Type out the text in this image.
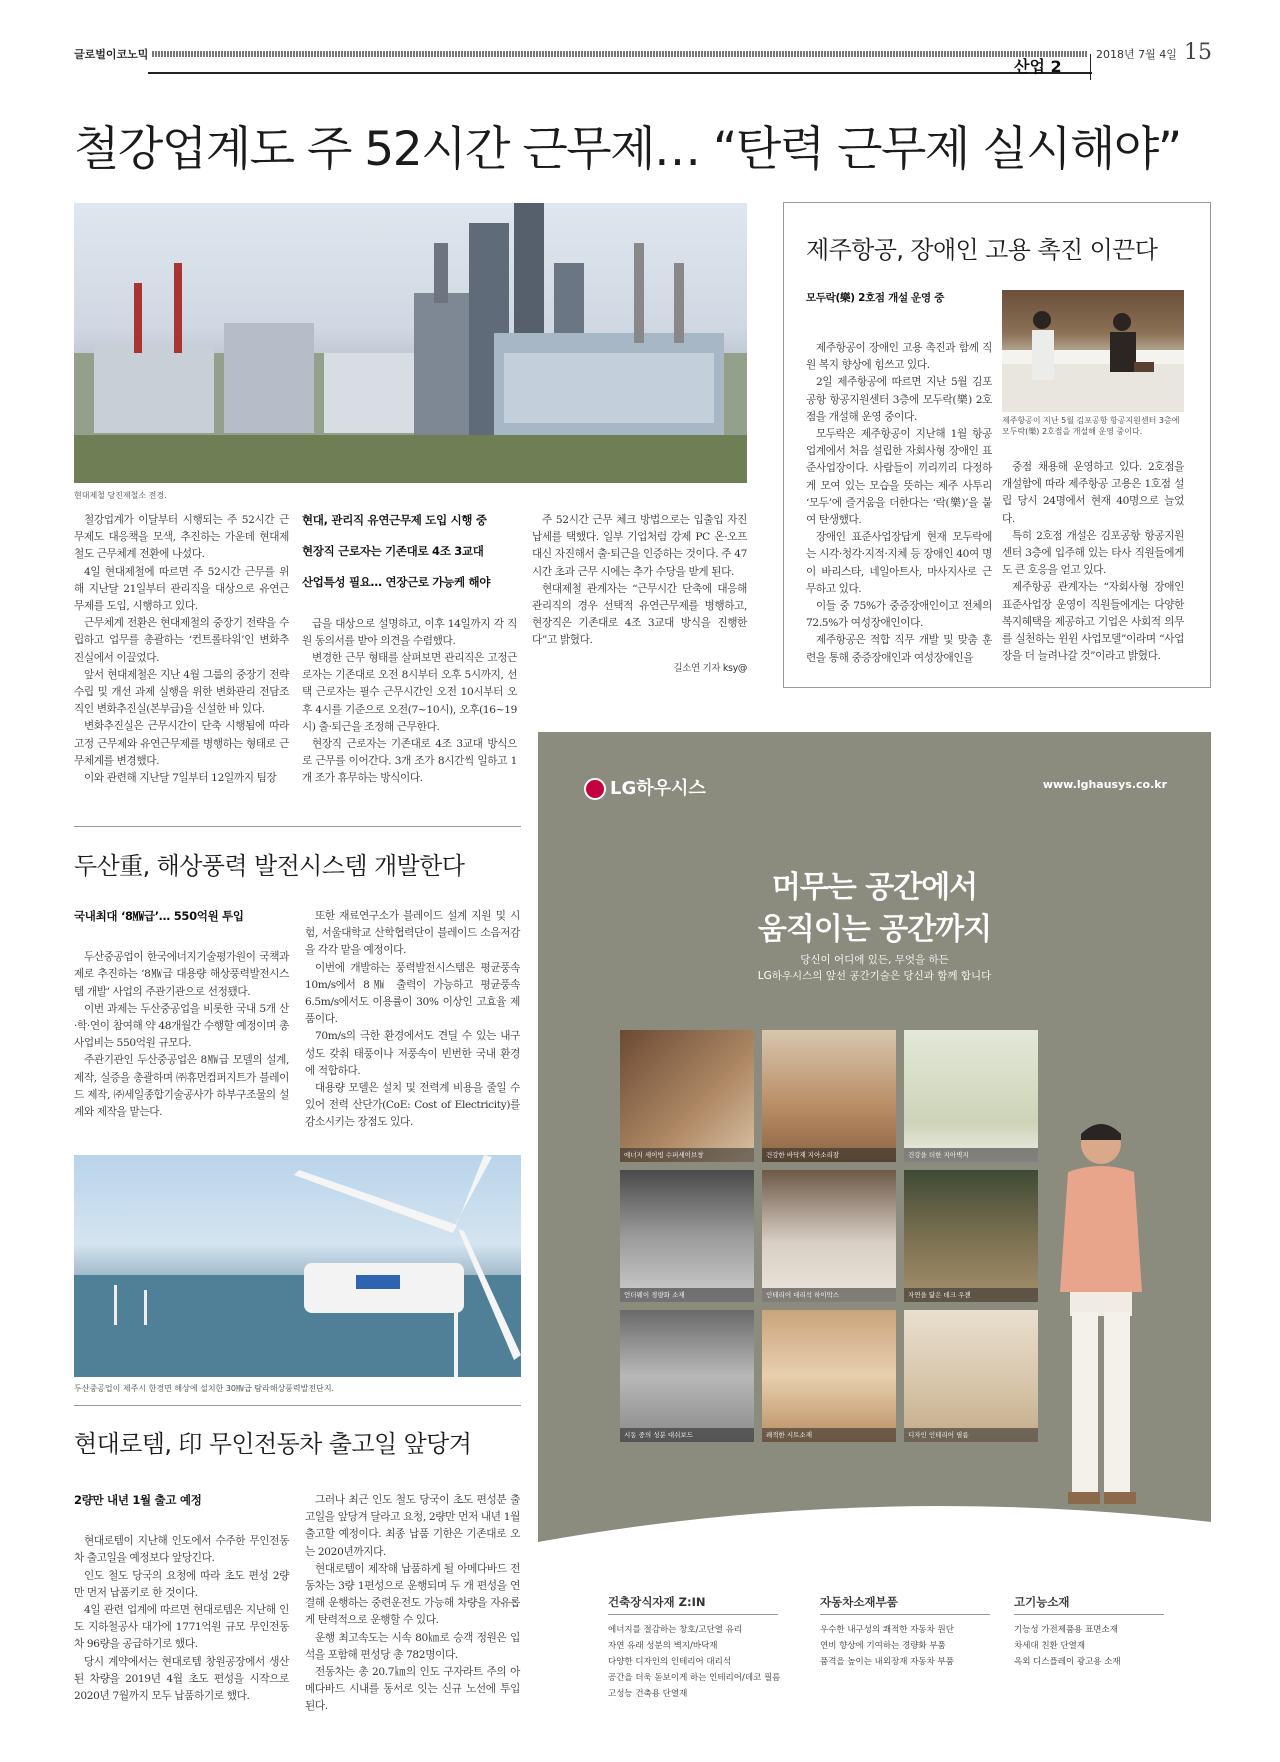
글로벌이코노믹	2018년 7월 4일 15
산업 2
철강업계도 주 52시간 근무제… “탄력 근무제 실시해야”
현대제철 당진제철소 전경.

철강업계가 이달부터 시행되는 주 52시간 근무제도 대응책을 모색, 추진하는 가운데 현대제철도 근무체계 전환에 나섰다.

4일 현대제철에 따르면 주 52시간 근무를 위해 지난달 21일부터 관리직을 대상으로 유연근무제를 도입, 시행하고 있다.

근무체계 전환은 현대제철의 중장기 전략을 수립하고 업무를 총괄하는 ‘컨트롤타워’인 변화추진실에서 이끌었다.

앞서 현대제철은 지난 4월 그룹의 중장기 전략 수립 및 개선 과제 실행을 위한 변화관리 전담조직인 변화추진실(본부급)을 신설한 바 있다.

변화추진실은 근무시간이 단축 시행됨에 따라 고정 근무제와 유연근무제를 병행하는 형태로 근무체계를 변경했다.

이와 관련해 지난달 7일부터 12일까지 팀장

현대, 관리직 유연근무제 도입 시행 중
현장직 근로자는 기존대로 4조 3교대
산업특성 필요… 연장근로 가능케 해야

급을 대상으로 설명하고, 이후 14일까지 각 직원 동의서를 받아 의견을 수렴했다.

변경한 근무 형태를 살펴보면 관리직은 고정근로자는 기존대로 오전 8시부터 오후 5시까지, 선택 근로자는 필수 근무시간인 오전 10시부터 오후 4시를 기준으로 오전(7~10시), 오후(16~19시) 출·퇴근을 조정해 근무한다.

현장직 근로자는 기존대로 4조 3교대 방식으로 근무를 이어간다. 3개 조가 8시간씩 일하고 1개 조가 휴무하는 방식이다.

주 52시간 근무 체크 방법으로는 입출입 자진 납세를 택했다. 일부 기업처럼 강제 PC 온·오프 대신 자진해서 출·퇴근을 인증하는 것이다. 주 47시간 초과 근무 시에는 추가 수당을 받게 된다.

현대제철 관계자는 “근무시간 단축에 대응해 관리직의 경우 선택적 유연근무제를 병행하고, 현장직은 기존대로 4조 3교대 방식을 진행한다”고 밝혔다.

길소연 기자 ksy@
제주항공, 장애인 고용 촉진 이끈다
모두락(樂) 2호점 개설 운영 중
제주항공이 지난 5월 김포공항 항공지원센터 3층에 모두락(樂) 2호점을 개설해 운영 중이다.

제주항공이 장애인 고용 촉진과 함께 직원 복지 향상에 힘쓰고 있다.

2일 제주항공에 따르면 지난 5월 김포공항 항공지원센터 3층에 모두락(樂) 2호점을 개설해 운영 중이다.

모두락은 제주항공이 지난해 1월 항공업계에서 처음 설립한 자회사형 장애인 표준사업장이다. 사람들이 끼리끼리 다정하게 모여 있는 모습을 뜻하는 제주 사투리 ‘모두’에 즐거움을 더한다는 ‘락(樂)’을 붙여 탄생했다.

장애인 표준사업장답게 현재 모두락에는 시각·청각·지적·지체 등 장애인 40여 명이 바리스타, 네일아트사, 마사지사로 근무하고 있다.

이들 중 75%가 중증장애인이고 전체의 72.5%가 여성장애인이다.

제주항공은 적합 직무 개발 및 맞춤 훈련을 통해 중증장애인과 여성장애인을

중점 채용해 운영하고 있다. 2호점을 개설함에 따라 제주항공 고용은 1호점 설립 당시 24명에서 현재 40명으로 늘었다.

특히 2호점 개설은 김포공항 항공지원센터 3층에 입주해 있는 타사 직원들에게도 큰 호응을 얻고 있다.

제주항공 관계자는 “자회사형 장애인 표준사업장 운영이 직원들에게는 다양한 복지혜택을 제공하고 기업은 사회적 의무를 실천하는 윈윈 사업모델”이라며 “사업장을 더 늘려나갈 것”이라고 밝혔다.

두산重, 해상풍력 발전시스템 개발한다
국내최대 ‘8㎿급’… 550억원 투입

두산중공업이 한국에너지기술평가원이 국책과제로 추진하는 ‘8㎿급 대용량 해상풍력발전시스템 개발’ 사업의 주관기관으로 선정됐다.

이번 과제는 두산중공업을 비롯한 국내 5개 산·학·연이 참여해 약 48개월간 수행할 예정이며 총 사업비는 550억원 규모다.

주관기관인 두산중공업은 8㎿급 모델의 설계, 제작, 실증을 총괄하며 ㈜휴먼컴퍼지트가 블레이드 제작, ㈜세일종합기술공사가 하부구조물의 설계와 제작을 맡는다.

또한 재료연구소가 블레이드 설계 지원 및 시험, 서울대학교 산학협력단이 블레이드 소음저감을 각각 맡을 예정이다.

이번에 개발하는 풍력발전시스템은 평균풍속 10m/s에서 8㎿ 출력이 가능하고 평균풍속 6.5m/s에서도 이용률이 30% 이상인 고효율 제품이다.

70m/s의 극한 환경에서도 견딜 수 있는 내구성도 갖춰 태풍이나 저풍속이 빈번한 국내 환경에 적합하다.

대용량 모델은 설치 및 전력계 비용을 줄일 수 있어 전력 산단가(CoE: Cost of Electricity)를 감소시키는 장점도 있다.

두산중공업이 제주시 한경면 해상에 설치한 30㎿급 탐라해상풍력발전단지.
현대로템, 印 무인전동차 출고일 앞당겨
2량만 내년 1월 출고 예정

현대로템이 지난해 인도에서 수주한 무인전동차 출고일을 예정보다 앞당긴다.

인도 철도 당국의 요청에 따라 초도 편성 2량만 먼저 납품키로 한 것이다.

4일 관련 업계에 따르면 현대로템은 지난해 인도 지하철공사 대가에 1771억원 규모 무인전동차 96량을 공급하기로 했다.

당시 계약에서는 현대로템 창원공장에서 생산된 차량을 2019년 4월 초도 편성을 시작으로 2020년 7월까지 모두 납품하기로 했다.

그러나 최근 인도 철도 당국이 초도 편성분 출고일을 앞당겨 달라고 요청, 2량만 먼저 내년 1월 출고할 예정이다. 최종 납품 기한은 기존대로 오는 2020년까지다.

현대로템이 제작해 납품하게 될 아메다바드 전동차는 3량 1편성으로 운행되며 두 개 편성을 연결해 운행하는 중련운전도 가능해 차량을 자유롭게 탄력적으로 운행할 수 있다.

운행 최고속도는 시속 80㎞로 승객 정원은 입석을 포함해 편성당 총 782명이다.

전동차는 총 20.7㎞의 인도 구자라트 주의 아메다바드 시내를 동서로 잇는 신규 노선에 투입된다.

LG하우시스	www.lghausys.co.kr
머무는 공간에서
움직이는 공간까지
당신이 어디에 있든, 무엇을 하든
LG하우시스의 앞선 공간기술은 당신과 함께 합니다
에너지 세이빙 수퍼세이브창	건강한 바닥재 지아소리잠	건강을 더한 지아벽지
언더웨이 경량화 소재	인테리어 대리석 하이막스	자연을 닮은 데크 우젠
시동 중의 성분 대쉬보드	쾌적한 시트소재	디자인 인테리어 필름
건축장식자재 Z:IN
에너지를 절감하는 창호/고단열 유리
자연 유래 성분의 벽지/바닥재
다양한 디자인의 인테리어 대리석
공간을 더욱 돋보이게 하는 인테리어/데코 필름
고성능 건축용 단열재
자동차소재부품
우수한 내구성의 쾌적한 자동차 원단
연비 향상에 기여하는 경량화 부품
품격을 높이는 내외장재 자동차 부품
고기능소재
기능성 가전제품용 표면소재
차세대 친환 단열재
옥외 디스플레이 광고용 소재
